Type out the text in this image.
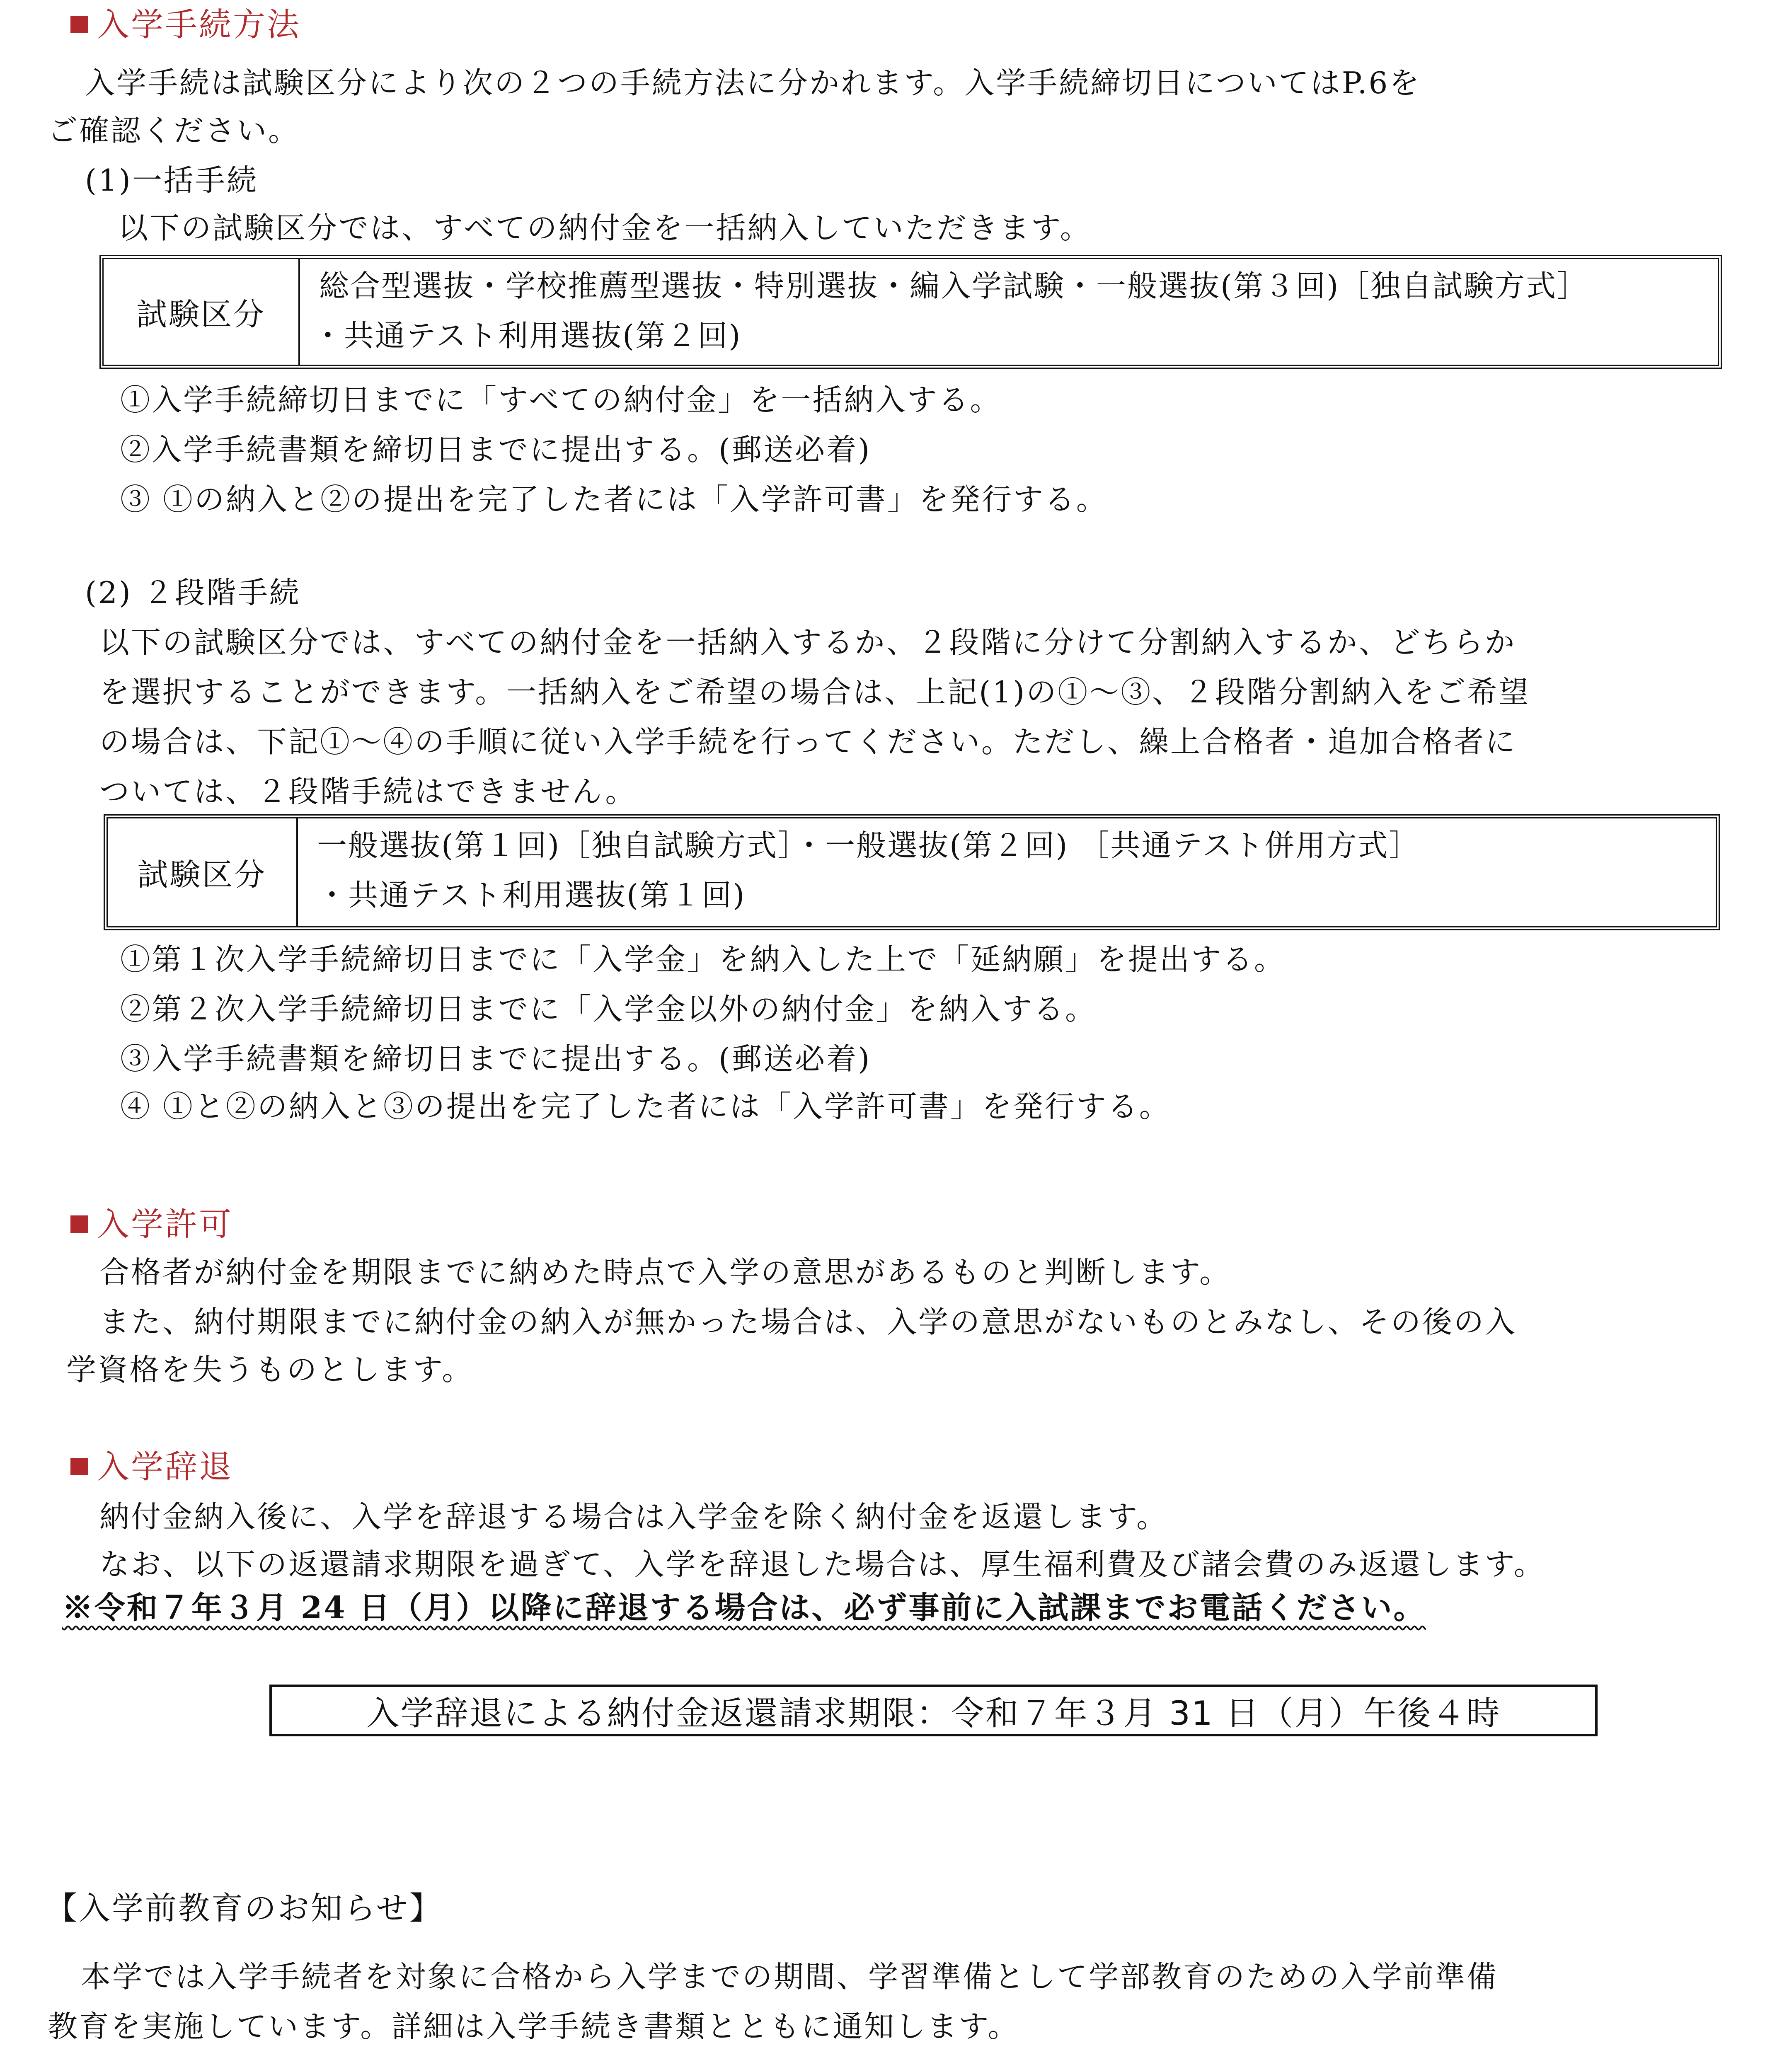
入学手続方法
入学手続は試験区分により次の２つの手続方法に分かれます。入学手続締切日についてはP.6を
ご確認ください。
(1)一括手続
以下の試験区分では、すべての納付金を一括納入していただきます。
試験区分
総合型選抜・学校推薦型選抜・特別選抜・編入学試験・一般選抜(第３回)［独自試験方式］
・共通テスト利用選抜(第２回)
①入学手続締切日までに「すべての納付金」を一括納入する。
②入学手続書類を締切日までに提出する。(郵送必着)
③ ①の納入と②の提出を完了した者には「入学許可書」を発行する。
(2) ２段階手続
以下の試験区分では、すべての納付金を一括納入するか、２段階に分けて分割納入するか、どちらか
を選択することができます。一括納入をご希望の場合は、上記(1)の①～③、２段階分割納入をご希望
の場合は、下記①～④の手順に従い入学手続を行ってください。ただし、繰上合格者・追加合格者に
ついては、２段階手続はできません。
試験区分
一般選抜(第１回)［独自試験方式］・一般選抜(第２回) ［共通テスト併用方式］
・共通テスト利用選抜(第１回)
①第１次入学手続締切日までに「入学金」を納入した上で「延納願」を提出する。
②第２次入学手続締切日までに「入学金以外の納付金」を納入する。
③入学手続書類を締切日までに提出する。(郵送必着)
④ ①と②の納入と③の提出を完了した者には「入学許可書」を発行する。
入学許可
合格者が納付金を期限までに納めた時点で入学の意思があるものと判断します。
また、納付期限までに納付金の納入が無かった場合は、入学の意思がないものとみなし、その後の入
学資格を失うものとします。
入学辞退
納付金納入後に、入学を辞退する場合は入学金を除く納付金を返還します。
なお、以下の返還請求期限を過ぎて、入学を辞退した場合は、厚生福利費及び諸会費のみ返還します。
※令和７年３月 24 日（月）以降に辞退する場合は、必ず事前に入試課までお電話ください。
入学辞退による納付金返還請求期限：令和７年３月 31 日（月）午後４時
【入学前教育のお知らせ】
本学では入学手続者を対象に合格から入学までの期間、学習準備として学部教育のための入学前準備
教育を実施しています。詳細は入学手続き書類とともに通知します。
